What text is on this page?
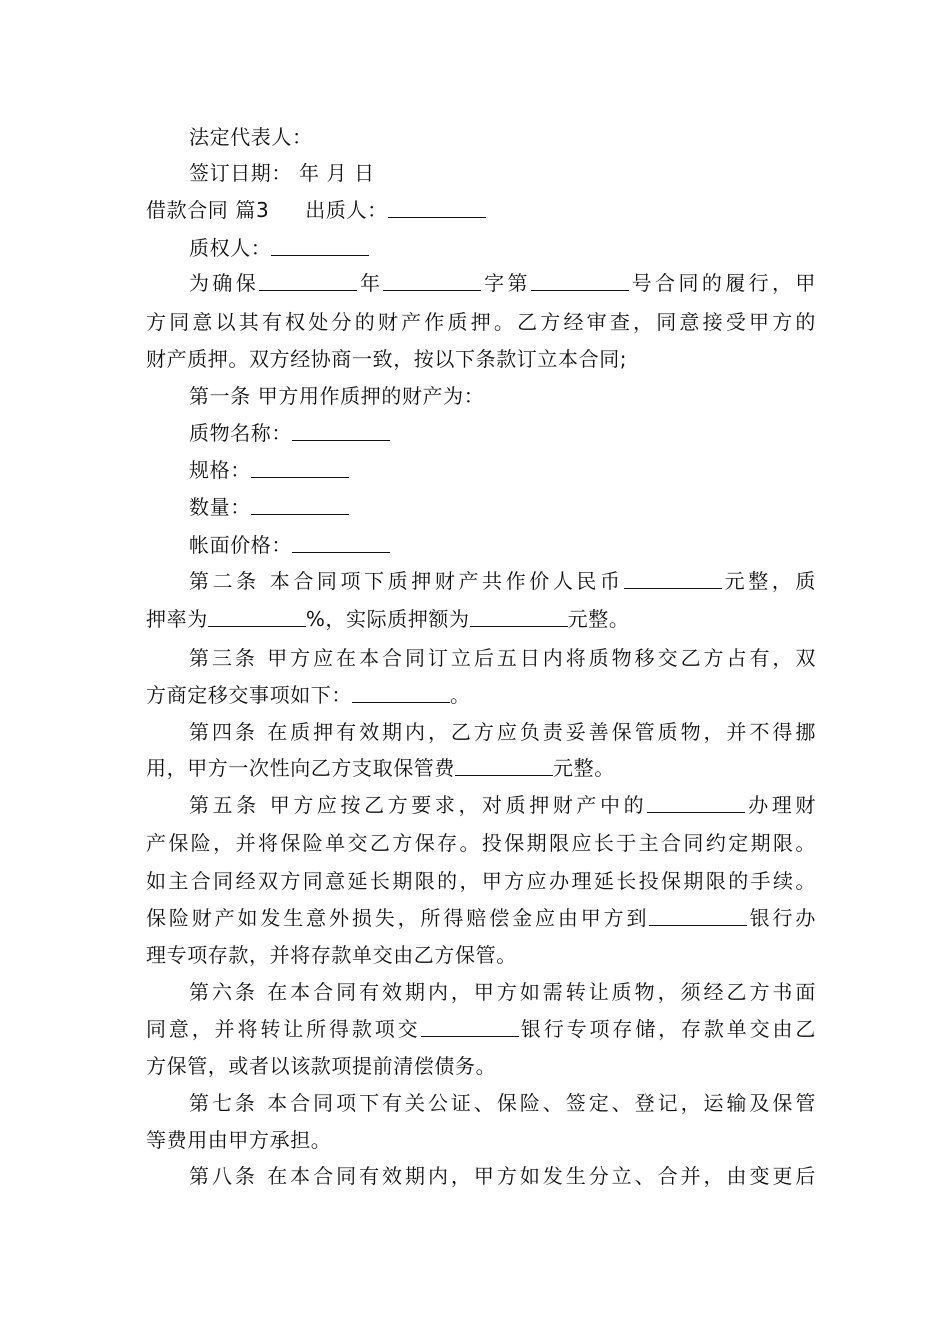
法定代表人：
签订日期： 年 月 日
借款合同 篇3 出质人：
质权人：
为确保	年	字第	号合同的履行，甲
方同意以其有权处分的财产作质押。乙方经审查，同意接受甲方的
财产质押。双方经协商一致，按以下条款订立本合同;
第一条 甲方用作质押的财产为：
质物名称：
规格：
数量：
帐面价格：
第二条 本合同项下质押财产共作价人民币	元整，质
押率为	%，实际质押额为	元整。
第三条 甲方应在本合同订立后五日内将质物移交乙方占有，双
方商定移交事项如下：	。
第四条 在质押有效期内，乙方应负责妥善保管质物，并不得挪
用，甲方一次性向乙方支取保管费	元整。
第五条 甲方应按乙方要求，对质押财产中的	办理财
产保险，并将保险单交乙方保存。投保期限应长于主合同约定期限。
如主合同经双方同意延长期限的，甲方应办理延长投保期限的手续。
保险财产如发生意外损失，所得赔偿金应由甲方到	银行办
理专项存款，并将存款单交由乙方保管。
第六条 在本合同有效期内，甲方如需转让质物，须经乙方书面
同意，并将转让所得款项交	银行专项存储，存款单交由乙
方保管，或者以该款项提前清偿债务。
第七条 本合同项下有关公证、保险、签定、登记，运输及保管
等费用由甲方承担。
第八条 在本合同有效期内，甲方如发生分立、合并，由变更后
